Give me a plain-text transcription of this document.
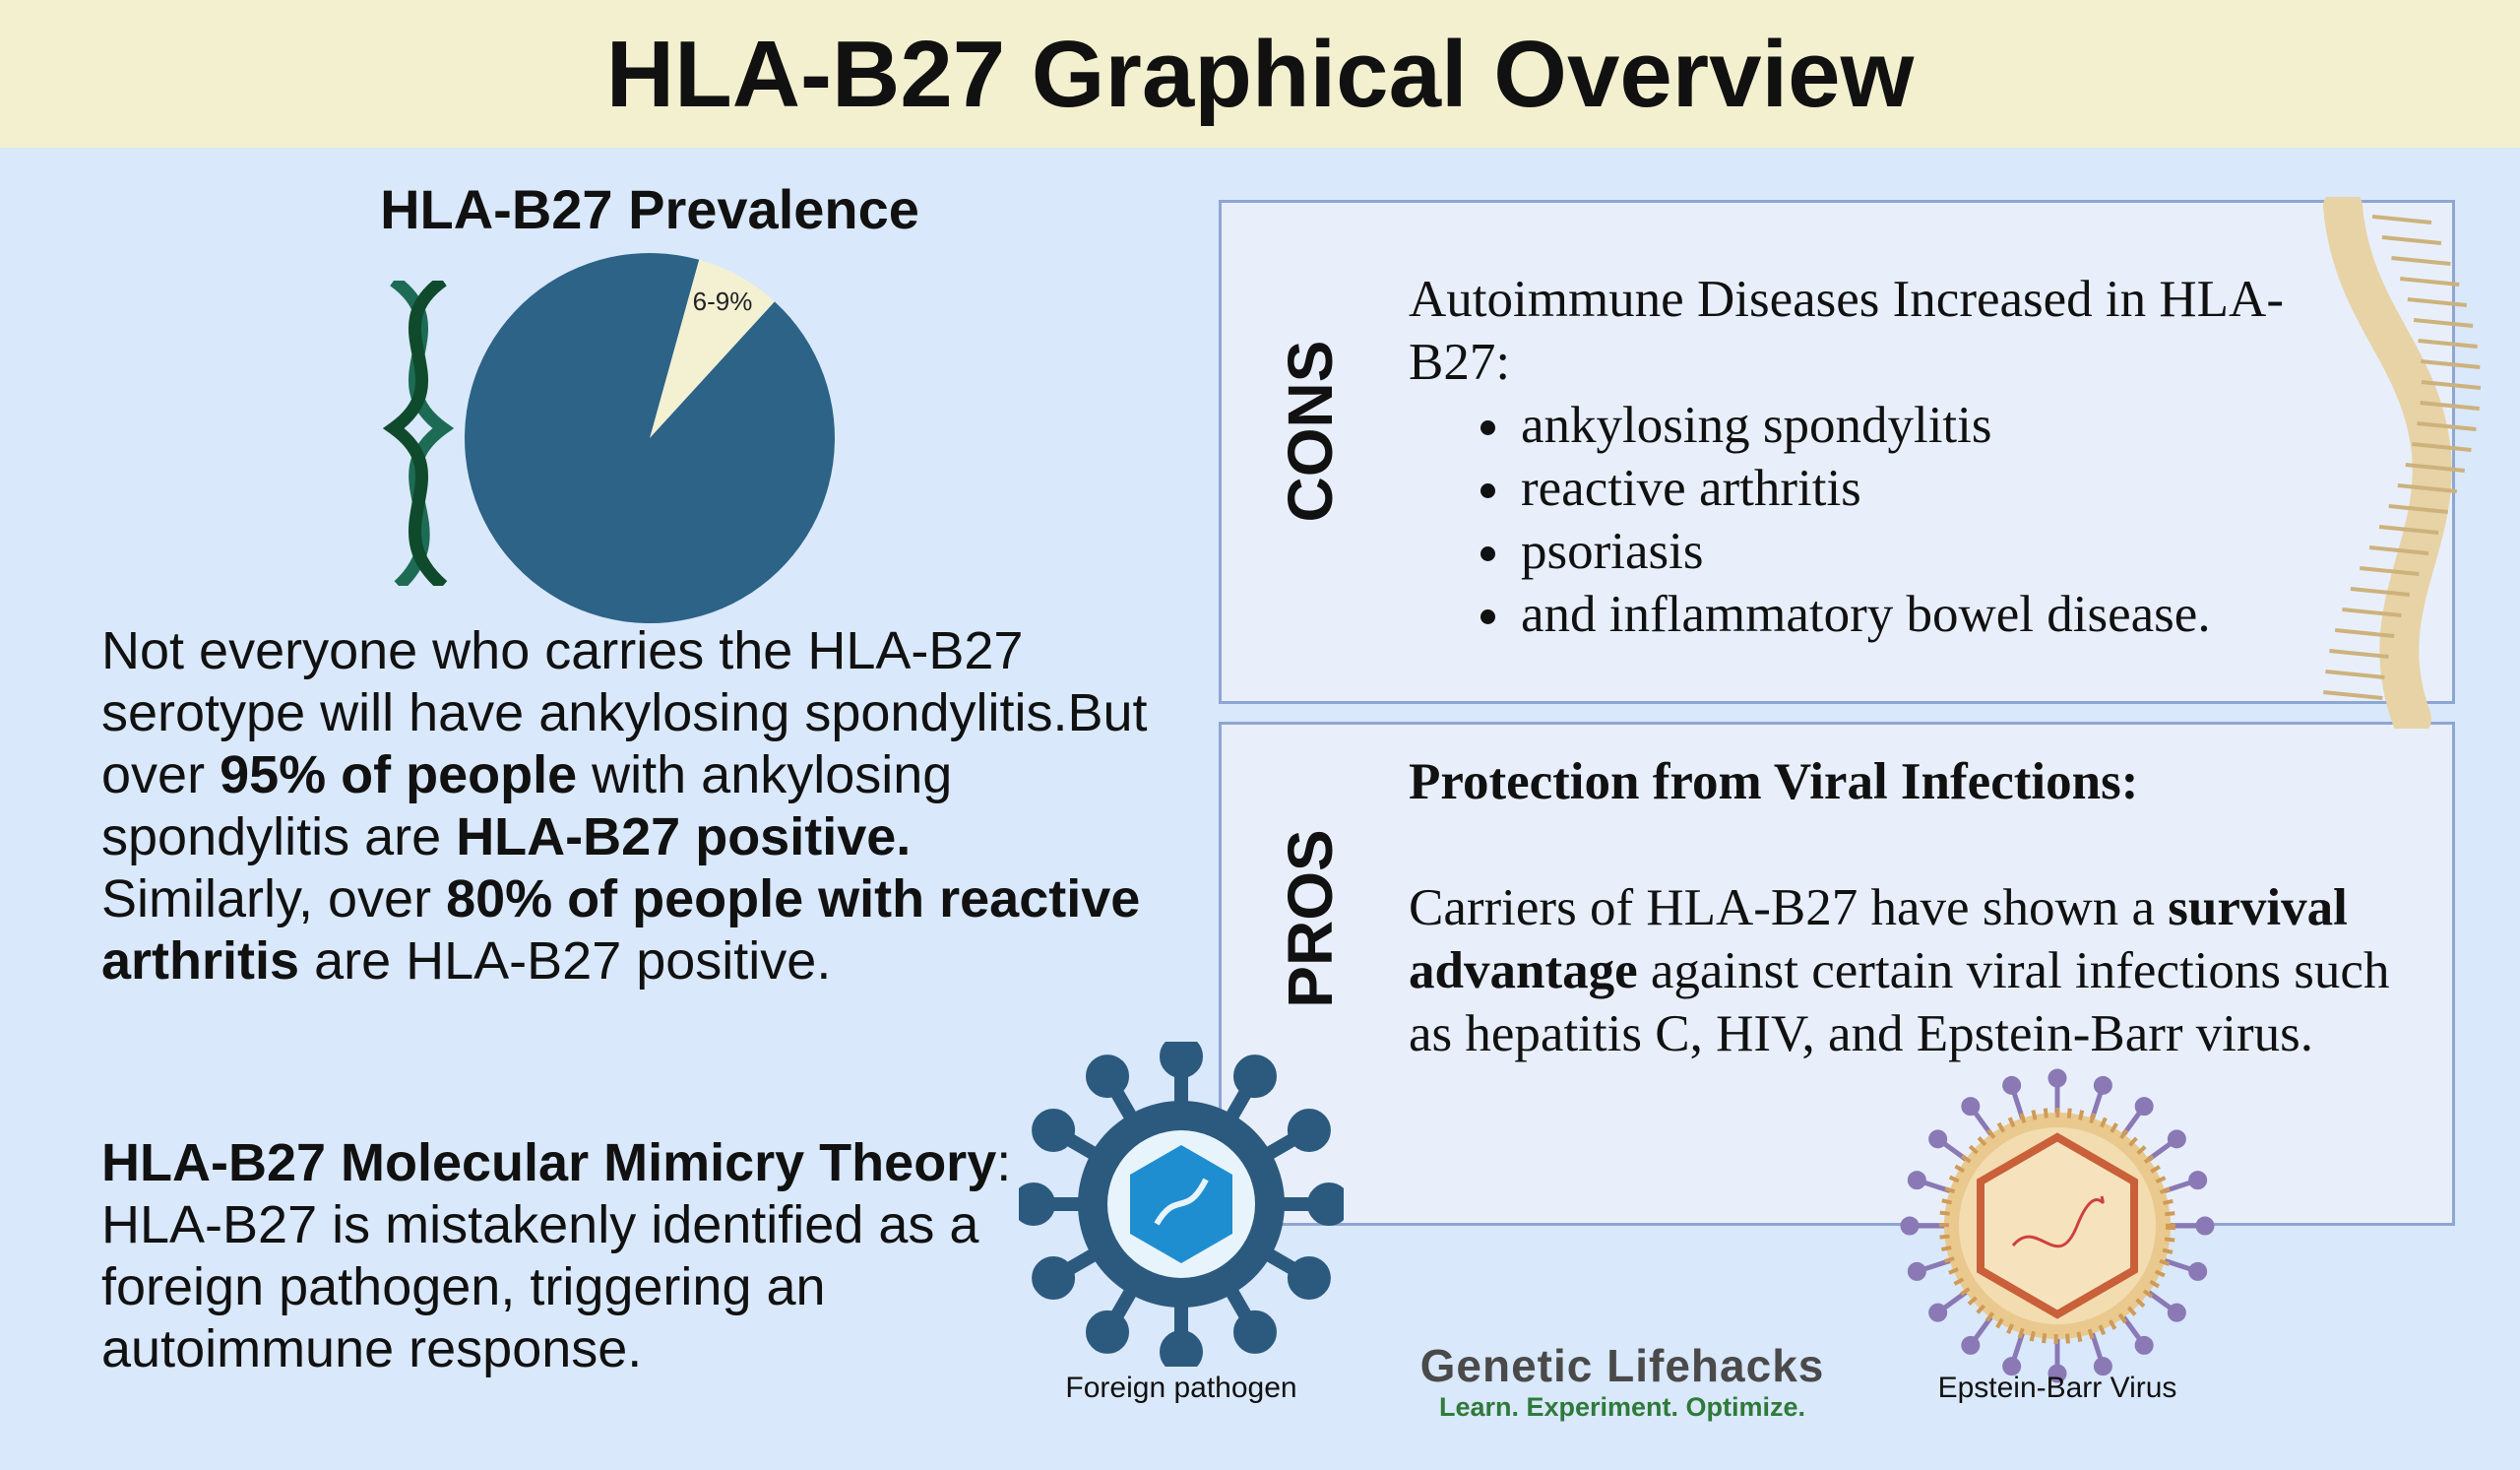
HLA-B27 Graphical Overview
HLA-B27 Prevalence
6-9%
Not everyone who carries the HLA-B27 serotype will have ankylosing spondylitis.But over 95% of people with ankylosing spondylitis are HLA-B27 positive.
Similarly, over 80% of people with reactive arthritis are HLA-B27 positive.
HLA-B27 Molecular Mimicry Theory: HLA-B27 is mistakenly identified as a foreign pathogen, triggering an autoimmune response.
CONS
Autoimmune Diseases Increased in HLA-B27:
• ankylosing spondylitis
• reactive arthritis
• psoriasis
• and inflammatory bowel disease.
PROS
Protection from Viral Infections:
Carriers of HLA-B27 have shown a survival advantage against certain viral infections such as hepatitis C, HIV, and Epstein-Barr virus.
Foreign pathogen	Epstein-Barr Virus
Genetic Lifehacks
Learn. Experiment. Optimize.
